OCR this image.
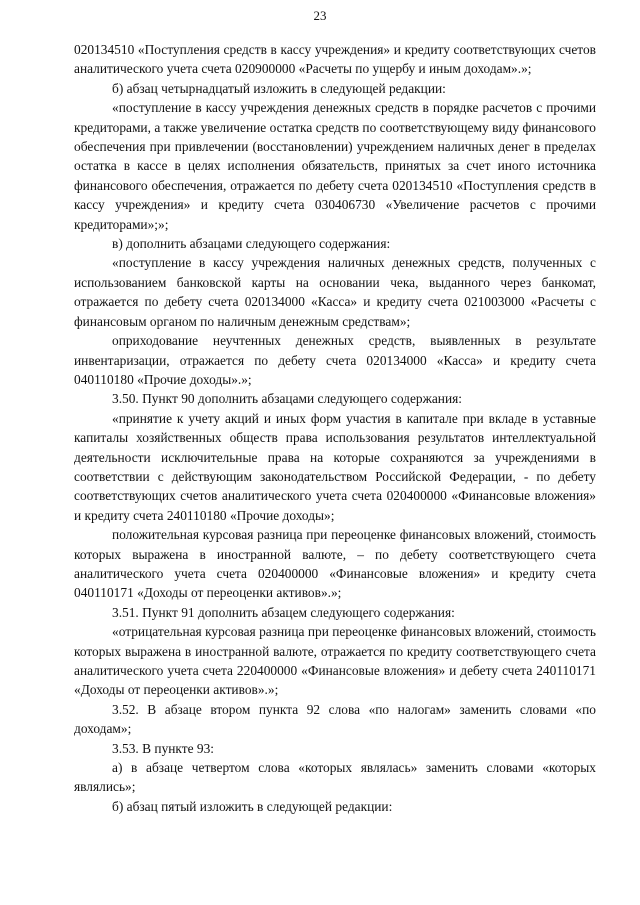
23

020134510 «Поступления средств в кассу учреждения» и кредиту соответствующих счетов аналитического учета счета 020900000 «Расчеты по ущербу и иным доходам».»;

б) абзац четырнадцатый изложить в следующей редакции:

«поступление в кассу учреждения денежных средств в порядке расчетов с прочими кредиторами, а также увеличение остатка средств по соответствующему виду финансового обеспечения при привлечении (восстановлении) учреждением наличных денег в пределах остатка в кассе в целях исполнения обязательств, принятых за счет иного источника финансового обеспечения, отражается по дебету счета 020134510 «Поступления средств в кассу учреждения» и кредиту счета 030406730 «Увеличение расчетов с прочими кредиторами»;»;

в) дополнить абзацами следующего содержания:

«поступление в кассу учреждения наличных денежных средств, полученных с использованием банковской карты на основании чека, выданного через банкомат, отражается по дебету счета 020134000 «Касса» и кредиту счета 021003000 «Расчеты с финансовым органом по наличным денежным средствам»;

оприходование неучтенных денежных средств, выявленных в результате инвентаризации, отражается по дебету счета 020134000 «Касса» и кредиту счета 040110180 «Прочие доходы».»;

3.50. Пункт 90 дополнить абзацами следующего содержания:

«принятие к учету акций и иных форм участия в капитале при вкладе в уставные капиталы хозяйственных обществ права использования результатов интеллектуальной деятельности исключительные права на которые сохраняются за учреждениями в соответствии с действующим законодательством Российской Федерации, - по дебету соответствующих счетов аналитического учета счета 020400000 «Финансовые вложения» и кредиту счета 240110180 «Прочие доходы»;

положительная курсовая разница при переоценке финансовых вложений, стоимость которых выражена в иностранной валюте, – по дебету соответствующего счета аналитического учета счета 020400000 «Финансовые вложения» и кредиту счета 040110171 «Доходы от переоценки активов».»;

3.51. Пункт 91 дополнить абзацем следующего содержания:

«отрицательная курсовая разница при переоценке финансовых вложений, стоимость которых выражена в иностранной валюте, отражается по кредиту соответствующего счета аналитического учета счета 220400000 «Финансовые вложения» и дебету счета 240110171 «Доходы от переоценки активов».»;

3.52. В абзаце втором пункта 92 слова «по налогам» заменить словами «по доходам»;

3.53. В пункте 93:

а) в абзаце четвертом слова «которых являлась» заменить словами «которых являлись»;

б) абзац пятый изложить в следующей редакции:
